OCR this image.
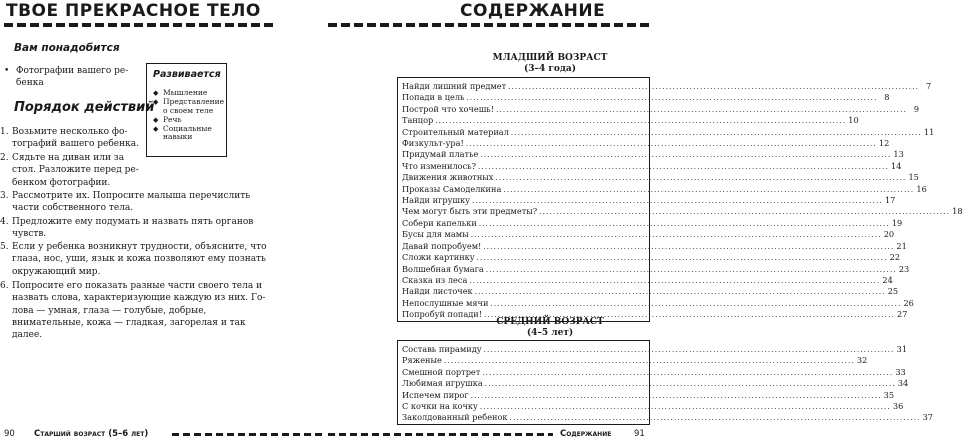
ТВОЕ ПРЕКРАСНОЕ ТЕЛО
Вам понадобится
• Фотографии вашего ребенка
Развивается
◆ Мышление
◆ Представление о своем теле
◆ Речь
◆ Социальные навыки
Порядок действий
1. Возьмите несколько фотографий вашего ребенка.
2. Сядьте на диван или за стол. Разложите перед ребенком фотографии.
3. Рассмотрите их. Попросите малыша перечислить части собственного тела.
4. Предложите ему подумать и назвать пять органов чувств.
5. Если у ребенка возникнут трудности, объясните, что глаза, нос, уши, язык и кожа позволяют ему познать окружающий мир.
6. Попросите его показать разные части своего тела и назвать слова, характеризующие каждую из них. Голова — умная, глаза — голубые, добрые, внимательные, кожа — гладкая, загорелая и так далее.
90 Старший возраст (5–6 лет)
СОДЕРЖАНИЕ
МЛАДШИЙ ВОЗРАСТ
(3–4 года)
Найди лишний предмет ........................................................................................................................ 7
Попади в цель ........................................................................................................................ 8
Построй что хочешь! ........................................................................................................................ 9
Танцор ........................................................................................................................ 10
Строительный материал ........................................................................................................................ 11
Физкульт-ура! ........................................................................................................................ 12
Придумай платье ........................................................................................................................ 13
Что изменилось? ........................................................................................................................ 14
Движения животных ........................................................................................................................ 15
Проказы Самоделкина ........................................................................................................................ 16
Найди игрушку ........................................................................................................................ 17
Чем могут быть эти предметы? ........................................................................................................................ 18
Собери капельки ........................................................................................................................ 19
Бусы для мамы ........................................................................................................................ 20
Давай попробуем! ........................................................................................................................ 21
Сложи картинку ........................................................................................................................ 22
Волшебная бумага ........................................................................................................................ 23
Сказка из леса ........................................................................................................................ 24
Найди листочек ........................................................................................................................ 25
Непослушные мячи ........................................................................................................................ 26
Попробуй попади! ........................................................................................................................ 27
СРЕДНИЙ ВОЗРАСТ
(4–5 лет)
Составь пирамиду ........................................................................................................................ 31
Ряженые ........................................................................................................................ 32
Смешной портрет ........................................................................................................................ 33
Любимая игрушка ........................................................................................................................ 34
Испечем пирог ........................................................................................................................ 35
С кочки на кочку ........................................................................................................................ 36
Заколдованный ребенок ........................................................................................................................ 37
Содержание	91
